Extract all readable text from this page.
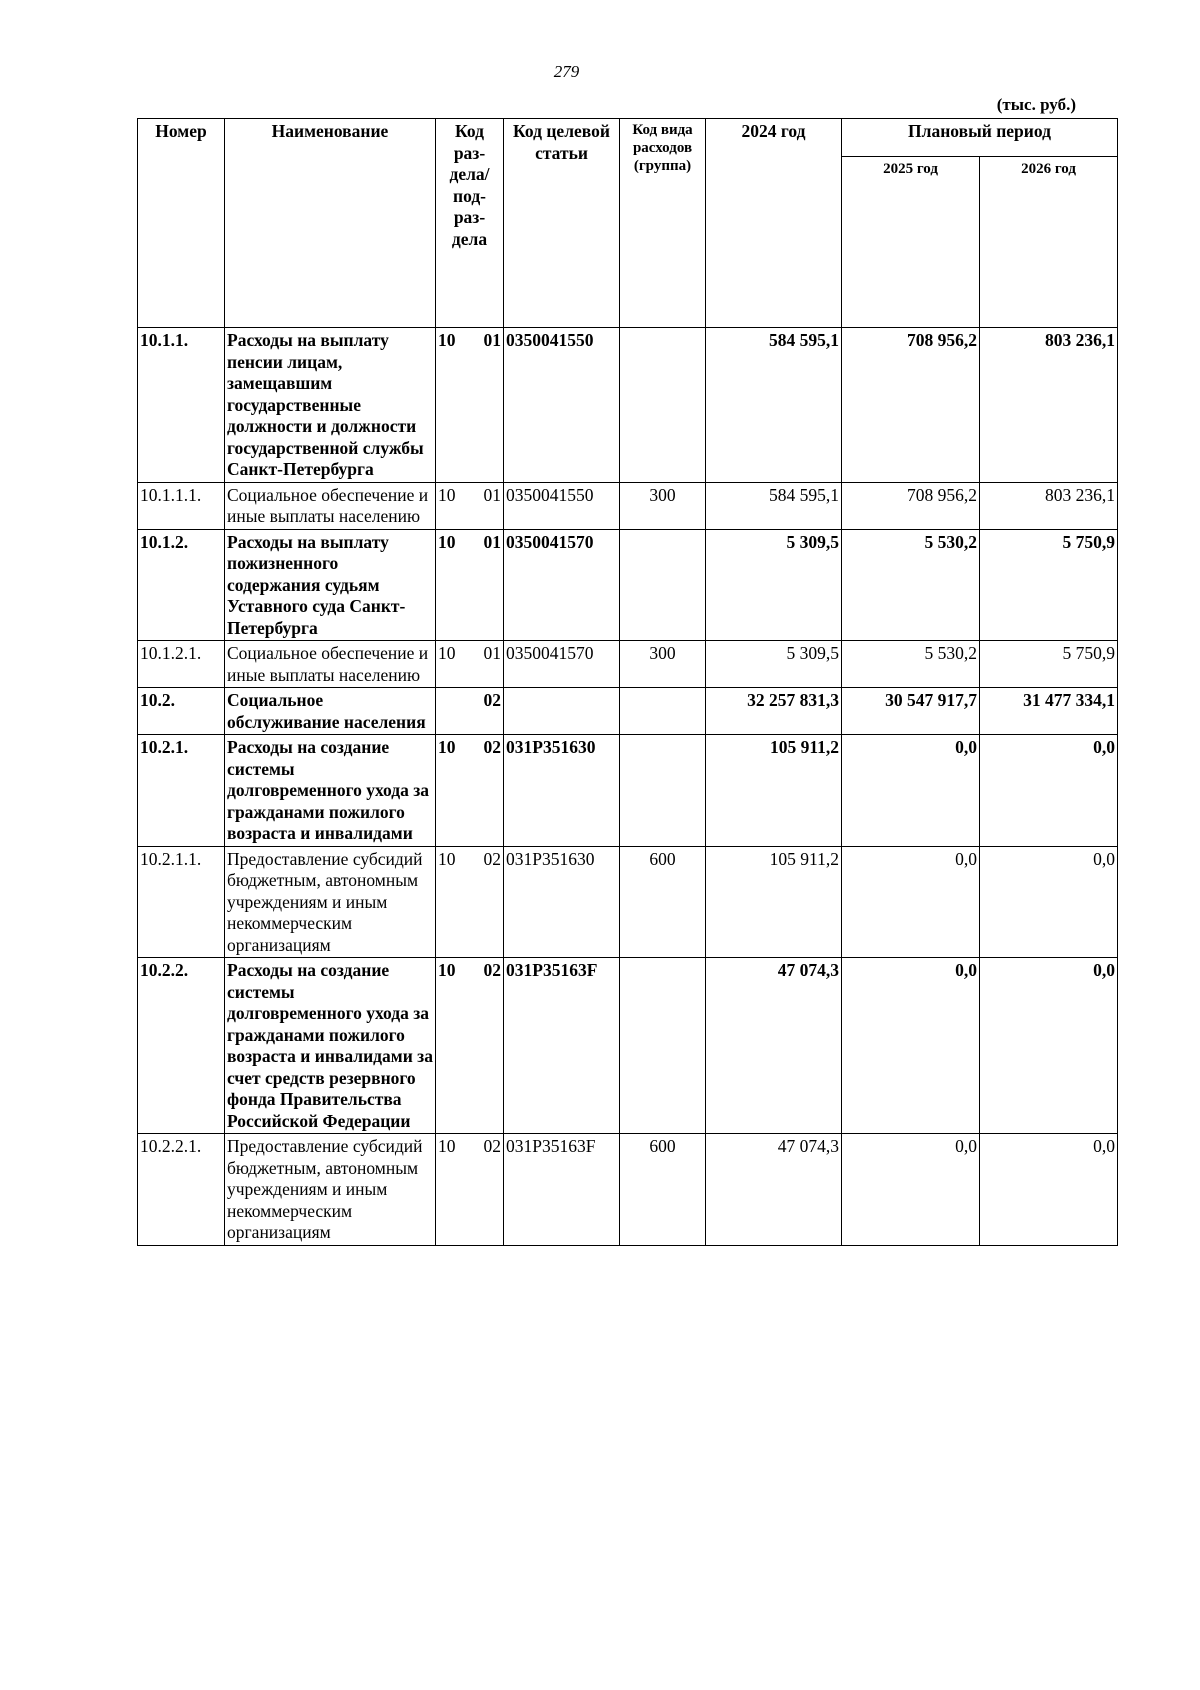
279
(тыс. руб.)
Номер	Наименование	Код раз-дела/ под-раз-дела	Код целевой статьи	Код вида расходов (группа)	2024 год	Плановый период	
						2025 год	2026 год
10.1.1.	Расходы на выплату пенсии лицам, замещавшим государственные должности и должности государственной службы Санкт-Петербурга	10 01	0350041550		584 595,1	708 956,2	803 236,1
10.1.1.1.	Социальное обеспечение и иные выплаты населению	10 01	0350041550	300	584 595,1	708 956,2	803 236,1
10.1.2.	Расходы на выплату пожизненного содержания судьям Уставного суда Санкт-Петербурга	10 01	0350041570		5 309,5	5 530,2	5 750,9
10.1.2.1.	Социальное обеспечение и иные выплаты населению	10 01	0350041570	300	5 309,5	5 530,2	5 750,9
10.2.	Социальное обслуживание населения	02			32 257 831,3	30 547 917,7	31 477 334,1
10.2.1.	Расходы на создание системы долговременного ухода за гражданами пожилого возраста и инвалидами	10 02	031Р351630		105 911,2	0,0	0,0
10.2.1.1.	Предоставление субсидий бюджетным, автономным учреждениям и иным некоммерческим организациям	10 02	031Р351630	600	105 911,2	0,0	0,0
10.2.2.	Расходы на создание системы долговременного ухода за гражданами пожилого возраста и инвалидами за счет средств резервного фонда Правительства Российской Федерации	10 02	031Р35163F		47 074,3	0,0	0,0
10.2.2.1.	Предоставление субсидий бюджетным, автономным учреждениям и иным некоммерческим организациям	10 02	031Р35163F	600	47 074,3	0,0	0,0
